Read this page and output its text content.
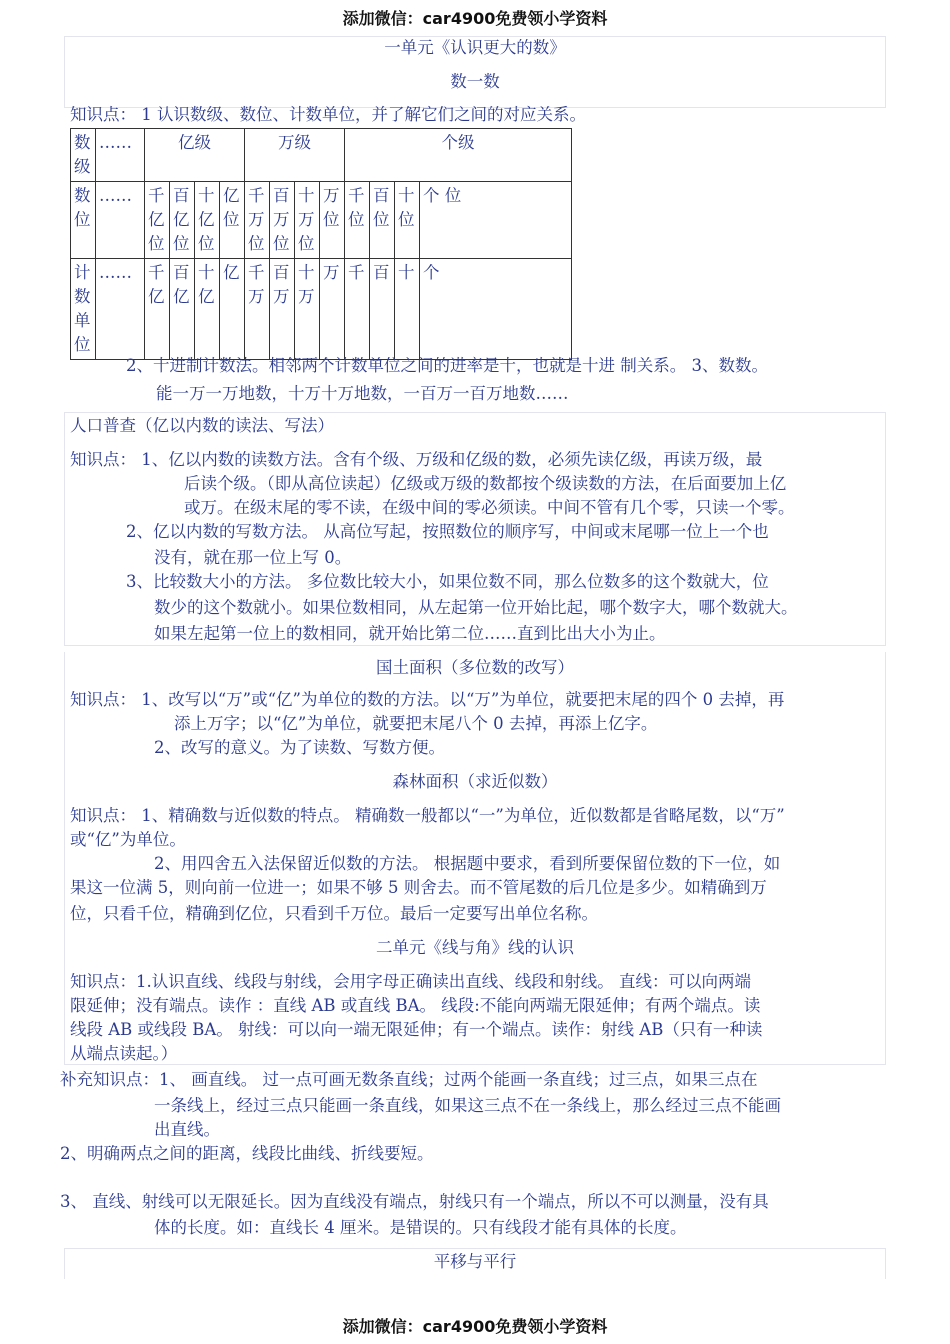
添加微信：car4900免费领小学资料
一单元《认识更大的数》
数一数
知识点： 1 认识数级、数位、计数单位，并了解它们之间的对应关系。
数级	……	亿级				万级				个级			
数位	……	千亿位	百亿位	十亿位	亿位	千万位	百万位	十万位	万位	千位	百位	十位	个 位
计数单位	……	千亿	百亿	十亿	亿	千万	百万	十万	万	千	百	十	个
2、十进制计数法。相邻两个计数单位之间的进率是十，也就是十进 制关系。 3、数数。
能一万一万地数，十万十万地数，一百万一百万地数……
人口普查（亿以内数的读法、写法）
知识点： 1、亿以内数的读数方法。含有个级、万级和亿级的数，必须先读亿级，再读万级，最
后读个级。（即从高位读起）亿级或万级的数都按个级读数的方法，在后面要加上亿
或万。在级末尾的零不读，在级中间的零必须读。中间不管有几个零，只读一个零。
2、亿以内数的写数方法。 从高位写起，按照数位的顺序写，中间或末尾哪一位上一个也
没有，就在那一位上写 0。
3、比较数大小的方法。 多位数比较大小，如果位数不同，那么位数多的这个数就大，位
数少的这个数就小。如果位数相同，从左起第一位开始比起，哪个数字大，哪个数就大。
如果左起第一位上的数相同，就开始比第二位……直到比出大小为止。
国土面积（多位数的改写）
知识点： 1、改写以“万”或“亿”为单位的数的方法。以“万”为单位，就要把末尾的四个 0 去掉，再
添上万字；以“亿”为单位，就要把末尾八个 0 去掉，再添上亿字。
2、改写的意义。为了读数、写数方便。
森林面积（求近似数）
知识点： 1、精确数与近似数的特点。 精确数一般都以“一”为单位，近似数都是省略尾数，以“万”
或“亿”为单位。
2、用四舍五入法保留近似数的方法。 根据题中要求，看到所要保留位数的下一位，如
果这一位满 5，则向前一位进一；如果不够 5 则舍去。而不管尾数的后几位是多少。如精确到万
位，只看千位，精确到亿位，只看到千万位。最后一定要写出单位名称。
二单元《线与角》线的认识
知识点：1.认识直线、线段与射线，会用字母正确读出直线、线段和射线。 直线：可以向两端
限延伸；没有端点。读作 ：直线 AB 或直线 BA。 线段:不能向两端无限延伸；有两个端点。读
线段 AB 或线段 BA。 射线：可以向一端无限延伸；有一个端点。读作：射线 AB（只有一种读
从端点读起。）
补充知识点：1、 画直线。 过一点可画无数条直线；过两个能画一条直线；过三点，如果三点在
一条线上，经过三点只能画一条直线，如果这三点不在一条线上，那么经过三点不能画
出直线。
2、明确两点之间的距离，线段比曲线、折线要短。
3、 直线、射线可以无限延长。因为直线没有端点，射线只有一个端点，所以不可以测量，没有具
体的长度。如：直线长 4 厘米。是错误的。只有线段才能有具体的长度。
平移与平行
添加微信：car4900免费领小学资料
